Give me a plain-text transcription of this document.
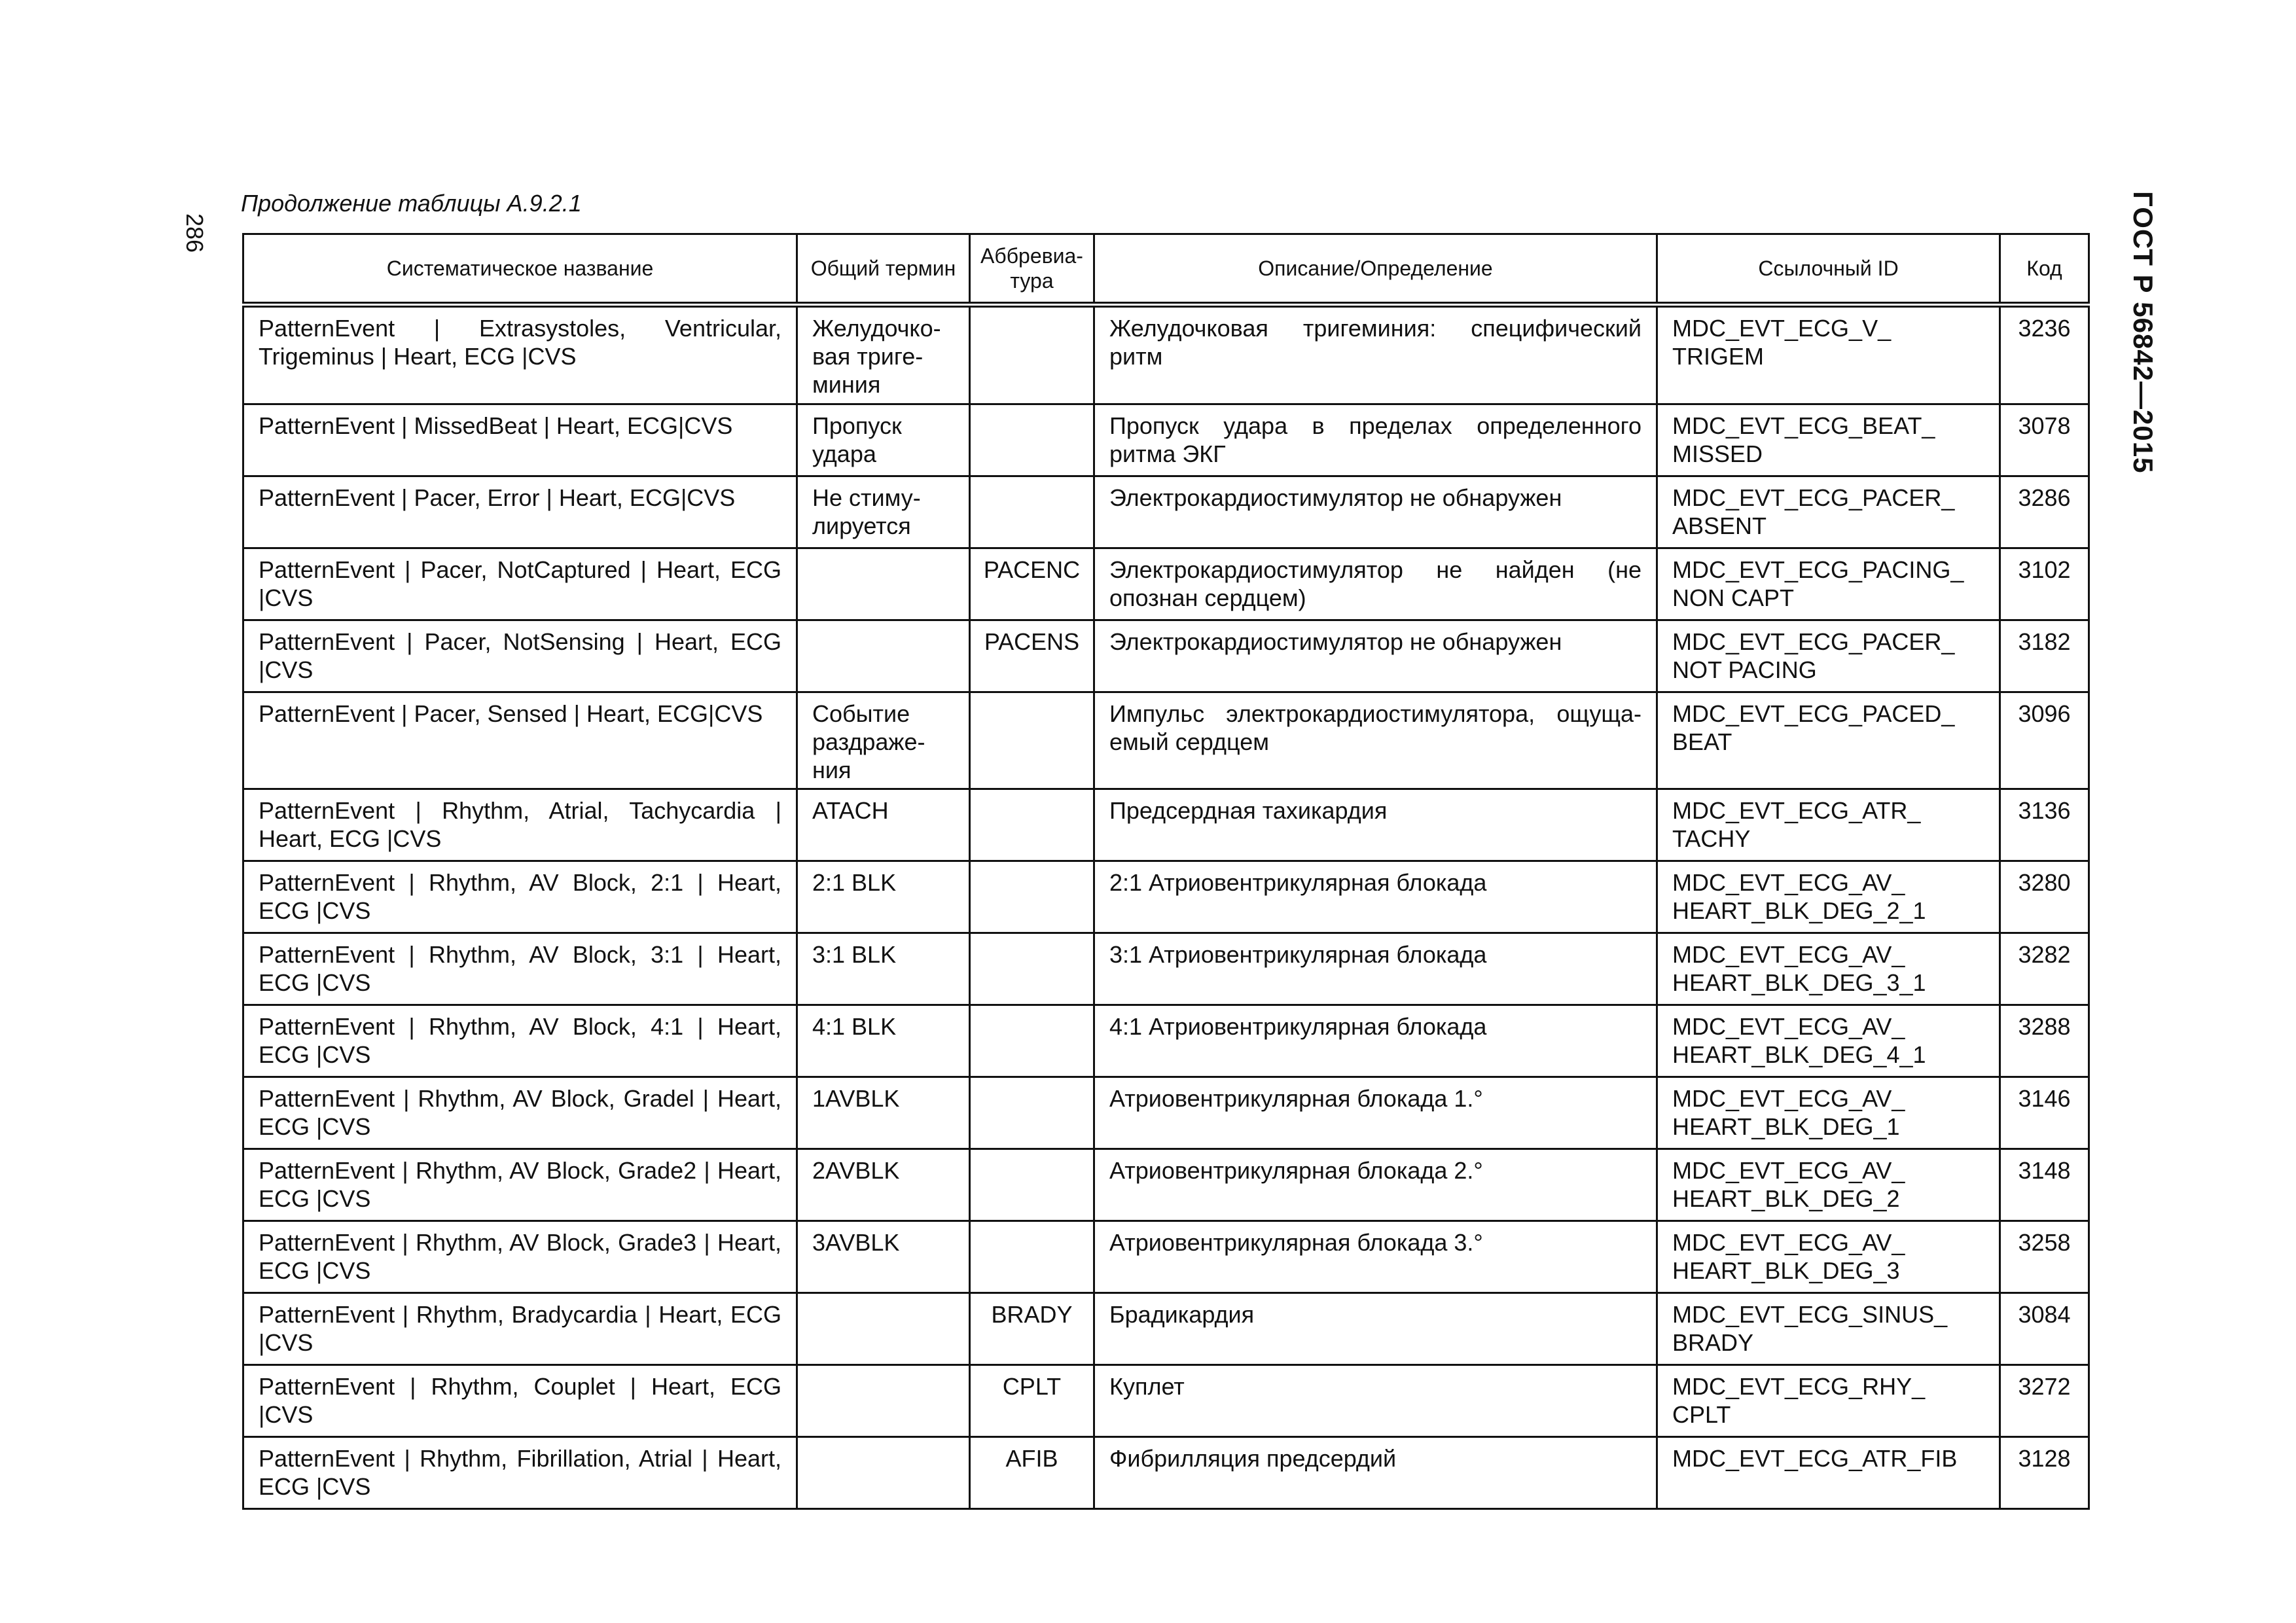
286	ГОСТ Р 56842—2015
Продолжение таблицы А.9.2.1
Систематическое название	Общий термин	Аббревиа-тура	Описание/Определение	Ссылочный ID	Код
PatternEvent | Extrasystoles, Ventricular, Trigeminus | Heart, ECG |CVS	Желудочко-вая триге-миния		Желудочковая тригеминия: специфический ритм	MDC_EVT_ECG_V_ TRIGEM	3236
PatternEvent | MissedBeat | Heart, ECG|CVS	Пропуск удара		Пропуск удара в пределах определенного ритма ЭКГ	MDC_EVT_ECG_BEAT_ MISSED	3078
PatternEvent | Pacer, Error | Heart, ECG|CVS	Не стиму-лируется		Электрокардиостимулятор не обнаружен	MDC_EVT_ECG_PACER_ ABSENT	3286
PatternEvent | Pacer, NotCaptured | Heart, ECG |CVS		PACENC	Электрокардиостимулятор не найден (не опознан сердцем)	MDC_EVT_ECG_PACING_ NON CAPT	3102
PatternEvent | Pacer, NotSensing | Heart, ECG |CVS		PACENS	Электрокардиостимулятор не обнаружен	MDC_EVT_ECG_PACER_ NOT PACING	3182
PatternEvent | Pacer, Sensed | Heart, ECG|CVS	Событие раздраже-ния		Импульс электрокардиостимулятора, ощуща-емый сердцем	MDC_EVT_ECG_PACED_ BEAT	3096
PatternEvent | Rhythm, Atrial, Tachycardia | Heart, ECG |CVS	ATACH		Предсердная тахикардия	MDC_EVT_ECG_ATR_ TACHY	3136
PatternEvent | Rhythm, AV Block, 2:1 | Heart, ECG |CVS	2:1 BLK		2:1 Атриовентрикулярная блокада	MDC_EVT_ECG_AV_ HEART_BLK_DEG_2_1	3280
PatternEvent | Rhythm, AV Block, 3:1 | Heart, ECG |CVS	3:1 BLK		3:1 Атриовентрикулярная блокада	MDC_EVT_ECG_AV_ HEART_BLK_DEG_3_1	3282
PatternEvent | Rhythm, AV Block, 4:1 | Heart, ECG |CVS	4:1 BLK		4:1 Атриовентрикулярная блокада	MDC_EVT_ECG_AV_ HEART_BLK_DEG_4_1	3288
PatternEvent | Rhythm, AV Block, Gradel | Heart, ECG |CVS	1AVBLK		Атриовентрикулярная блокада 1.°	MDC_EVT_ECG_AV_ HEART_BLK_DEG_1	3146
PatternEvent | Rhythm, AV Block, Grade2 | Heart, ECG |CVS	2AVBLK		Атриовентрикулярная блокада 2.°	MDC_EVT_ECG_AV_ HEART_BLK_DEG_2	3148
PatternEvent | Rhythm, AV Block, Grade3 | Heart, ECG |CVS	3AVBLK		Атриовентрикулярная блокада 3.°	MDC_EVT_ECG_AV_ HEART_BLK_DEG_3	3258
PatternEvent | Rhythm, Bradycardia | Heart, ECG |CVS		BRADY	Брадикардия	MDC_EVT_ECG_SINUS_ BRADY	3084
PatternEvent | Rhythm, Couplet | Heart, ECG |CVS		CPLT	Куплет	MDC_EVT_ECG_RHY_ CPLT	3272
PatternEvent | Rhythm, Fibrillation, Atrial | Heart, ECG |CVS		AFIB	Фибрилляция предсердий	MDC_EVT_ECG_ATR_FIB	3128
